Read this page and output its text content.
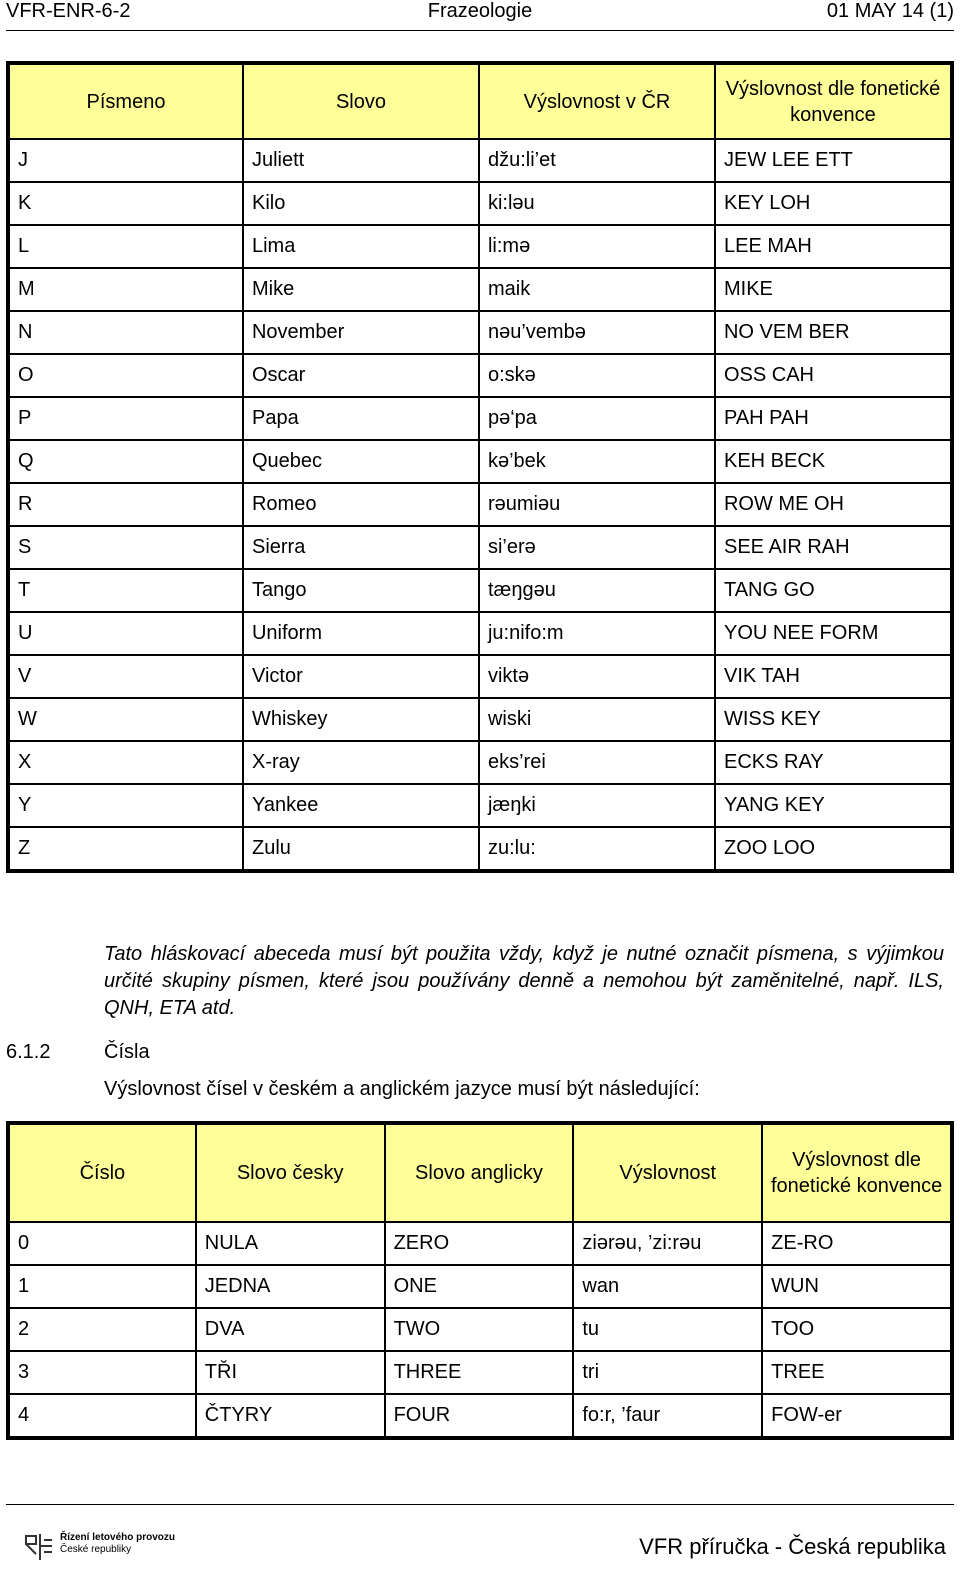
VFR-ENR-6-2	Frazeologie	01 MAY 14 (1)
Písmeno	Slovo	Výslovnost v ČR	Výslovnost dle fonetické konvence
J	Juliett	džu:li’et	JEW LEE ETT
K	Kilo	ki:ləu	KEY LOH
L	Lima	li:mə	LEE MAH
M	Mike	maik	MIKE
N	November	nəu’vembə	NO VEM BER
O	Oscar	o:skə	OSS CAH
P	Papa	pə‘pa	PAH PAH
Q	Quebec	kə’bek	KEH BECK
R	Romeo	rəumiəu	ROW ME OH
S	Sierra	si’erə	SEE AIR RAH
T	Tango	tæŋgəu	TANG GO
U	Uniform	ju:nifo:m	YOU NEE FORM
V	Victor	viktə	VIK TAH
W	Whiskey	wiski	WISS KEY
X	X-ray	eks’rei	ECKS RAY
Y	Yankee	jæŋki	YANG KEY
Z	Zulu	zu:lu:	ZOO LOO
Tato hláskovací abeceda musí být použita vždy, když je nutné označit písmena, s výjimkou určité skupiny písmen, které jsou používány denně a nemohou být zaměnitelné, např. ILS, QNH, ETA atd.
6.1.2	Čísla
Výslovnost čísel v českém a anglickém jazyce musí být následující:
Číslo	Slovo česky	Slovo anglicky	Výslovnost	Výslovnost dle fonetické konvence
0	NULA	ZERO	ziərəu, ’zi:rəu	ZE-RO
1	JEDNA	ONE	wan	WUN
2	DVA	TWO	tu	TOO
3	TŘI	THREE	tri	TREE
4	ČTYRY	FOUR	fo:r, ’faur	FOW-er
Řízení letového provozu
České republiky	VFR příručka - Česká republika
